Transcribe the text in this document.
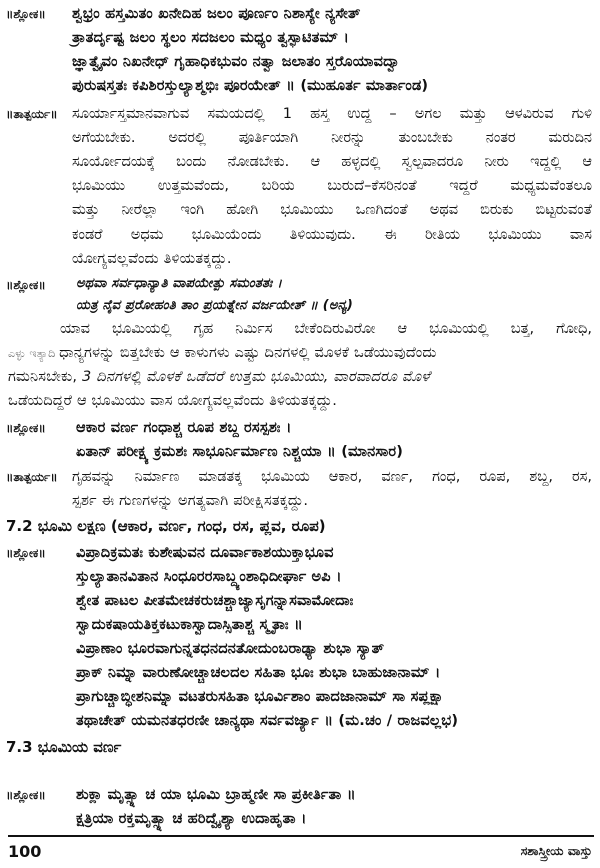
॥ಶ್ಲೋಕ॥ ಶ್ವಭ್ರಂ ಹಸ್ತಮಿತಂ ಖನೇದಿಹ ಜಲಂ ಪೂರ್ಣಂ ನಿಶಾಸ್ಯೇ ನ್ಯಸೇತ್
ತ್ರಾತರ್ದೃಷ್ಟ ಜಲಂ ಸ್ಥಲಂ ಸದಜಲಂ ಮಧ್ಯಂ ತ್ವಸ್ಫಾಟಿತಮ್ ।
ಜ್ಞಾತ್ವೈವಂ ನಿಖನೇಧ್ ಗೃಹಾಧಿಕಭುವಂ ನತ್ವಾ ಜಲಾತಂ ಸ್ತರೊಯಾವದ್ವಾ
ಪುರುಷಸ್ತತಃ ಕಪಿಶಿರಸ್ತುಲ್ಯಾಶ್ಮಭಿಃ ಪೂರಯೇತ್ ॥ (ಮುಹೂರ್ತ ಮಾರ್ತಾಂಡ)
॥ತಾತ್ಪರ್ಯ॥ ಸೂರ್ಯಾಸ್ತಮಾನವಾಗುವ ಸಮಯದಲ್ಲಿ 1 ಹಸ್ತ ಉದ್ದ – ಅಗಲ ಮತ್ತು ಆಳವಿರುವ ಗುಳಿ
ಅಗೆಯಬೇಕು. ಅದರಲ್ಲಿ ಪೂರ್ತಿಯಾಗಿ ನೀರನ್ನು ತುಂಬಬೇಕು ನಂತರ ಮರುದಿನ
ಸೂರ್ಯೋದಯಕ್ಕೆ ಬಂದು ನೋಡಬೇಕು. ಆ ಹಳ್ಳದಲ್ಲಿ ಸ್ವಲ್ಪವಾದರೂ ನೀರು ಇದ್ದಲ್ಲಿ ಆ
ಭೂಮಿಯು ಉತ್ತಮವೆಂದು, ಬರಿಯ ಬುರುದೆ–ಕೆಸರಿನಂತೆ ಇದ್ದರೆ ಮಧ್ಯಮವೆಂತಲೂ
ಮತ್ತು ನೀರೆಲ್ಲಾ ಇಂಗಿ ಹೋಗಿ ಭೂಮಿಯು ಒಣಗಿದಂತೆ ಅಥವ ಬಿರುಕು ಬಿಟ್ಟರುವಂತೆ
ಕಂಡರೆ ಅಧಮ ಭೂಮಿಯೆಂದು ತಿಳಿಯುವುದು. ಈ ರೀತಿಯ ಭೂಮಿಯು ವಾಸ
ಯೋಗ್ಯವಲ್ಲವೆಂದು ತಿಳಿಯತಕ್ಕದ್ದು.
॥ಶ್ಲೋಕ॥ ಅಥವಾ ಸರ್ವಧಾನ್ಯಾತಿ ವಾಪಯೇತ್ಪು ಸಮಂತತಃ ।
ಯತ್ರ ನೈವ ಪ್ರರೋಹಂತಿ ತಾಂ ಪ್ರಯತ್ನೇನ ವರ್ಜಯೇತ್ ॥ (ಅನ್ಯ)
ಯಾವ ಭೂಮಿಯಲ್ಲಿ ಗೃಹ ನಿರ್ಮಿಸ ಬೇಕೆಂದಿರುವಿರೋ ಆ ಭೂಮಿಯಲ್ಲಿ ಬತ್ತ, ಗೋಧಿ,
ಎಳ್ಳು ಇತ್ಯಾದಿ ಧಾನ್ಯಗಳನ್ನು ಬಿತ್ತಬೇಕು ಆ ಕಾಳುಗಳು ಎಷ್ಟು ದಿನಗಳಲ್ಲಿ ಮೊಳಕೆ ಒಡೆಯುವುದೆಂದು
ಗಮನಿಸಬೇಕು, 3 ದಿನಗಳಲ್ಲಿ ಮೊಳಕೆ ಒಡೆದರೆ ಉತ್ತಮ ಭೂಮಿಯು, ವಾರವಾದರೂ ಮೊಳೆ
ಒಡೆಯದಿದ್ದರೆ ಆ ಭೂಮಿಯು ವಾಸ ಯೋಗ್ಯವಲ್ಲವೆಂದು ತಿಳಿಯತಕ್ಕದ್ದು.
॥ಶ್ಲೋಕ॥ ಆಕಾರ ವರ್ಣ ಗಂಧಾಶ್ಚ ರೂಪ ಶಬ್ದ ರಸಸ್ಪಶಃ ।
ಏತಾನ್ ಪರೀಕ್ಷ್ಯ ಕ್ರಮಶಃ ಸಾಭೂರ್ನಿರ್ಮಾಣ ನಿಶ್ಚಯಾ ॥ (ಮಾನಸಾರ)
॥ತಾತ್ಪರ್ಯ॥ ಗೃಹವನ್ನು ನಿರ್ಮಾಣ ಮಾಡತಕ್ಕ ಭೂಮಿಯ ಆಕಾರ, ವರ್ಣ, ಗಂಧ, ರೂಪ, ಶಬ್ದ, ರಸ,
ಸ್ಪರ್ಶ ಈ ಗುಣಗಳನ್ನು ಅಗತ್ಯವಾಗಿ ಪರೀಕ್ಷಿಸತಕ್ಕದ್ದು.
7.2 ಭೂಮಿ ಲಕ್ಷಣ (ಆಕಾರ, ವರ್ಣ, ಗಂಧ, ರಸ, ಪ್ಲವ, ರೂಪ)
॥ಶ್ಲೋಕ॥ ವಿಪ್ರಾದಿಕ್ರಮತಃ ಕುಶೇಷುವನ ದೂರ್ವಾಕಾಶಯುಕ್ತಾಭೂವ
ಸ್ತುಲ್ಯಾತಾನವಿತಾನ ಸಿಂಧೂರರಸಾಬ್ದ್ಯಂಶಾಧಿದೀರ್ಘಾ ಅಪಿ ।
ಶ್ವೇತ ಪಾಟಲ ಪೀತಮೇಚಕರುಚಶ್ಚಾಜ್ಯಾಸೃಗನ್ನಾಸವಾಮೋದಾಃ
ಸ್ವಾದುಕಷಾಯತಿಕ್ತಕಟುಕಾಸ್ವಾದಾಸ್ಸಿತಾಶ್ಚ ಸ್ಮೃತಾಃ ॥
ವಿಪ್ರಾಣಾಂ ಭೂರವಾಗುನ್ನತಧನದನತೋದುಂಬರಾಢ್ಯಾ ಶುಭಾ ಸ್ಯಾತ್
ಪ್ರಾಕ್ ನಿಮ್ನಾ ವಾರುಣೋಚ್ಚಾಚಲದಲ ಸಹಿತಾ ಭೂಃ ಶುಭಾ ಬಾಹುಜಾನಾಮ್ ।
ಪ್ರಾಗುಚ್ಚಾಬ್ಧೀಶನಿಮ್ನಾ ವಟತರುಸಹಿತಾ ಭೂರ್ವಿಶಾಂ ಪಾದಜಾನಾಮ್ ಸಾ ಸಪ್ಲಕ್ಷಾ
ತಥಾಚೇತ್ ಯಮನತಧರಣೀ ಚಾನ್ಯಥಾ ಸರ್ವವರ್ಜ್ಯಾ ॥ (ಮ.ಚಂ / ರಾಜವಲ್ಲಭ)
7.3 ಭೂಮಿಯ ವರ್ಣ
॥ಶ್ಲೋಕ॥ ಶುಕ್ಲಾ ಮೃತ್ಸ್ನಾ ಚ ಯಾ ಭೂಮಿ ಬ್ರಾಹ್ಮಣೀ ಸಾ ಪ್ರಕೀರ್ತಿತಾ ॥
ಕ್ಷತ್ರಿಯಾ ರಕ್ತಮೃತ್ಸ್ನಾ ಚ ಹರಿದ್ವೈಶ್ಯಾ ಉದಾಹೃತಾ ।
100	ಸಶಾಸ್ತ್ರೀಯ ವಾಸ್ತು
